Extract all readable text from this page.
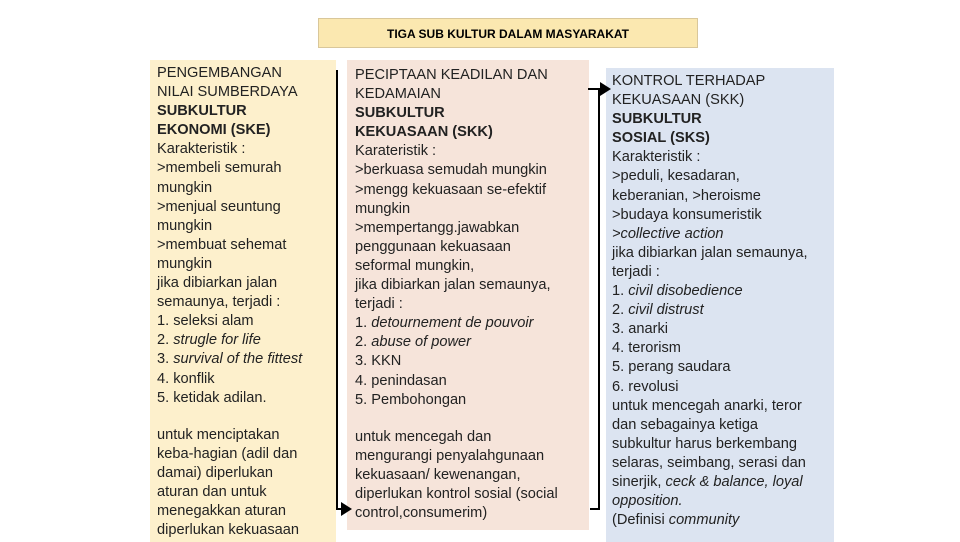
TIGA SUB KULTUR DALAM MASYARAKAT

PENGEMBANGAN

NILAI SUMBERDAYA

SUBKULTUR

EKONOMI (SKE)

Karakteristik :

>membeli semurah

mungkin

>menjual seuntung

mungkin

>membuat sehemat

mungkin

jika dibiarkan jalan

semaunya, terjadi :

1. seleksi alam

2. strugle for life

3. survival of the fittest

4. konflik

5. ketidak adilan.

untuk menciptakan

keba-hagian (adil dan

damai) diperlukan

aturan dan untuk

menegakkan aturan

diperlukan kekuasaan

PECIPTAAN KEADILAN DAN

KEDAMAIAN

SUBKULTUR

KEKUASAAN (SKK)

Karateristik :

>berkuasa semudah mungkin

>mengg kekuasaan se-efektif

mungkin

>mempertangg.jawabkan

penggunaan kekuasaan

seformal mungkin,

jika dibiarkan jalan semaunya,

terjadi :

1. detournement de pouvoir

2. abuse of power

3. KKN

4. penindasan

5. Pembohongan

untuk mencegah dan

mengurangi penyalahgunaan

kekuasaan/ kewenangan,

diperlukan kontrol sosial (social

control,consumerim)

KONTROL TERHADAP

KEKUASAAN (SKK)

SUBKULTUR

SOSIAL (SKS)

Karakteristik :

>peduli, kesadaran,

keberanian, >heroisme

>budaya konsumeristik

>collective action

jika dibiarkan jalan semaunya,

terjadi :

1. civil disobedience

2. civil distrust

3. anarki

4. terorism

5. perang saudara

6. revolusi

untuk mencegah anarki, teror

dan sebagainya ketiga

subkultur harus berkembang

selaras, seimbang, serasi dan

sinerjik, ceck & balance, loyal

opposition.

(Definisi community
